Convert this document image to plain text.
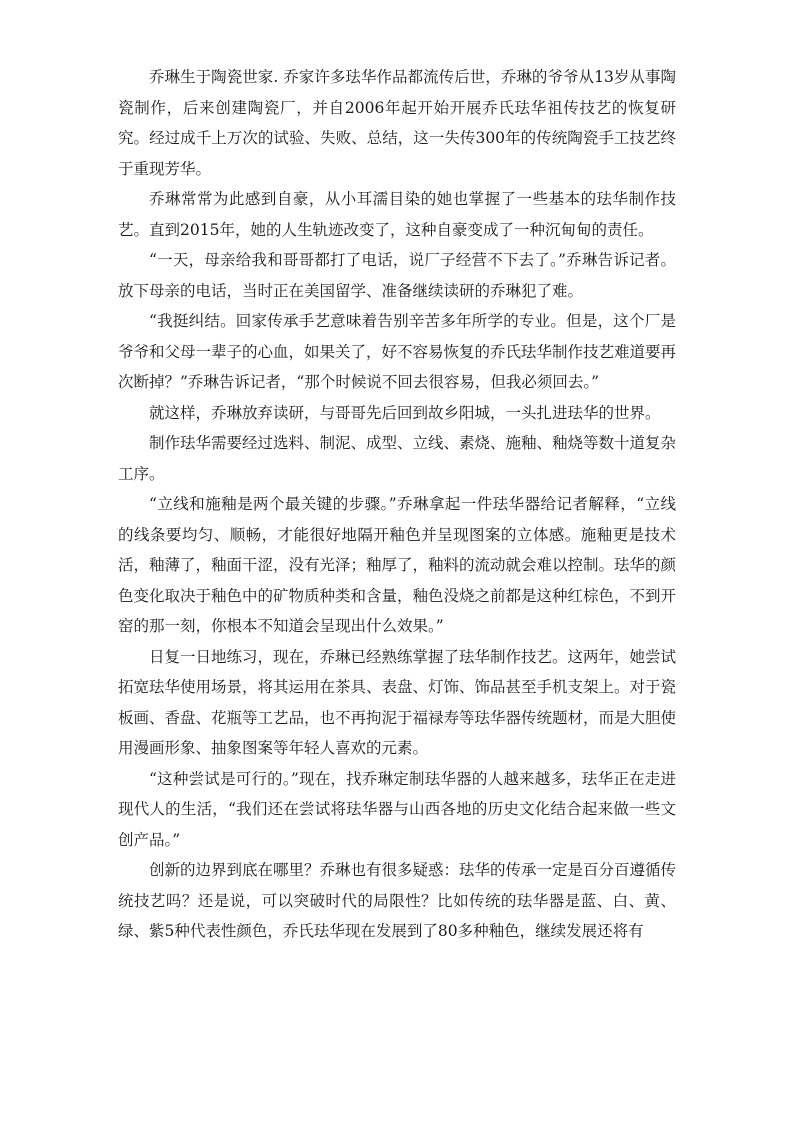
乔琳生于陶瓷世家. 乔家许多珐华作品都流传后世，乔琳的爷爷从13岁从事陶瓷制作，后来创建陶瓷厂，并自2006年起开始开展乔氏珐华祖传技艺的恢复研究。经过成千上万次的试验、失败、总结，这一失传300年的传统陶瓷手工技艺终于重现芳华。

乔琳常常为此感到自豪，从小耳濡目染的她也掌握了一些基本的珐华制作技艺。直到2015年，她的人生轨迹改变了，这种自豪变成了一种沉甸甸的责任。

“一天，母亲给我和哥哥都打了电话，说厂子经营不下去了。”乔琳告诉记者。放下母亲的电话，当时正在美国留学、准备继续读研的乔琳犯了难。

“我挺纠结。回家传承手艺意味着告别辛苦多年所学的专业。但是，这个厂是爷爷和父母一辈子的心血，如果关了，好不容易恢复的乔氏珐华制作技艺难道要再次断掉？”乔琳告诉记者，“那个时候说不回去很容易，但我必须回去。”

就这样，乔琳放弃读研，与哥哥先后回到故乡阳城，一头扎进珐华的世界。

制作珐华需要经过选料、制泥、成型、立线、素烧、施釉、釉烧等数十道复杂工序。

“立线和施釉是两个最关键的步骤。”乔琳拿起一件珐华器给记者解释，“立线的线条要均匀、顺畅，才能很好地隔开釉色并呈现图案的立体感。施釉更是技术活，釉薄了，釉面干涩，没有光泽；釉厚了，釉料的流动就会难以控制。珐华的颜色变化取决于釉色中的矿物质种类和含量，釉色没烧之前都是这种红棕色，不到开窑的那一刻，你根本不知道会呈现出什么效果。”

日复一日地练习，现在，乔琳已经熟练掌握了珐华制作技艺。这两年，她尝试拓宽珐华使用场景，将其运用在茶具、表盘、灯饰、饰品甚至手机支架上。对于瓷板画、香盘、花瓶等工艺品，也不再拘泥于福禄寿等珐华器传统题材，而是大胆使用漫画形象、抽象图案等年轻人喜欢的元素。

“这种尝试是可行的。”现在，找乔琳定制珐华器的人越来越多，珐华正在走进现代人的生活，“我们还在尝试将珐华器与山西各地的历史文化结合起来做一些文创产品。”

创新的边界到底在哪里？乔琳也有很多疑惑：珐华的传承一定是百分百遵循传统技艺吗？还是说，可以突破时代的局限性？比如传统的珐华器是蓝、白、黄、绿、紫5种代表性颜色，乔氏珐华现在发展到了80多种釉色，继续发展还将有
